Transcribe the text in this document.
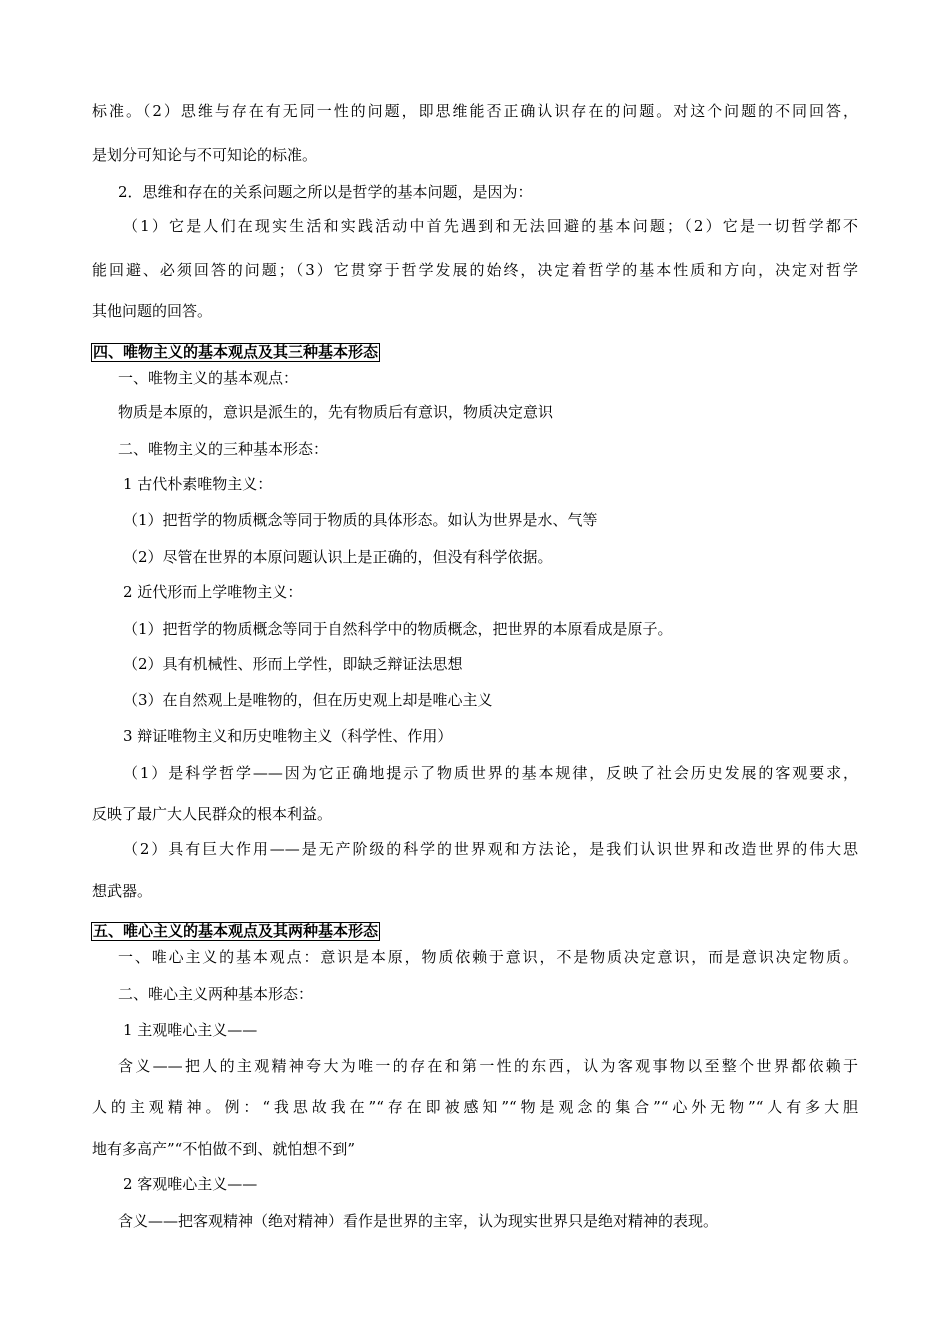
标准。（2）思维与存在有无同一性的问题，即思维能否正确认识存在的问题。对这个问题的不同回答，

是划分可知论与不可知论的标准。

2．思维和存在的关系问题之所以是哲学的基本问题，是因为：

（1）它是人们在现实生活和实践活动中首先遇到和无法回避的基本问题；（2）它是一切哲学都不

能回避、必须回答的问题；（3）它贯穿于哲学发展的始终，决定着哲学的基本性质和方向，决定对哲学

其他问题的回答。

四、唯物主义的基本观点及其三种基本形态

一、唯物主义的基本观点：

物质是本原的，意识是派生的，先有物质后有意识，物质决定意识

二、唯物主义的三种基本形态：

1 古代朴素唯物主义：

（1）把哲学的物质概念等同于物质的具体形态。如认为世界是水、气等

（2）尽管在世界的本原问题认识上是正确的，但没有科学依据。

2 近代形而上学唯物主义：

（1）把哲学的物质概念等同于自然科学中的物质概念，把世界的本原看成是原子。

（2）具有机械性、形而上学性，即缺乏辩证法思想

（3）在自然观上是唯物的，但在历史观上却是唯心主义

3 辩证唯物主义和历史唯物主义（科学性、作用）

（1）是科学哲学——因为它正确地提示了物质世界的基本规律，反映了社会历史发展的客观要求，

反映了最广大人民群众的根本利益。

（2）具有巨大作用——是无产阶级的科学的世界观和方法论，是我们认识世界和改造世界的伟大思

想武器。

五、唯心主义的基本观点及其两种基本形态

一、唯心主义的基本观点：意识是本原，物质依赖于意识，不是物质决定意识，而是意识决定物质。

二、唯心主义两种基本形态：

1 主观唯心主义——

含义——把人的主观精神夸大为唯一的存在和第一性的东西，认为客观事物以至整个世界都依赖于

人的主观精神。例：“我思故我在”“存在即被感知”“物是观念的集合”“心外无物”“人有多大胆

地有多高产”“不怕做不到、就怕想不到”

2 客观唯心主义——

含义——把客观精神（绝对精神）看作是世界的主宰，认为现实世界只是绝对精神的表现。
